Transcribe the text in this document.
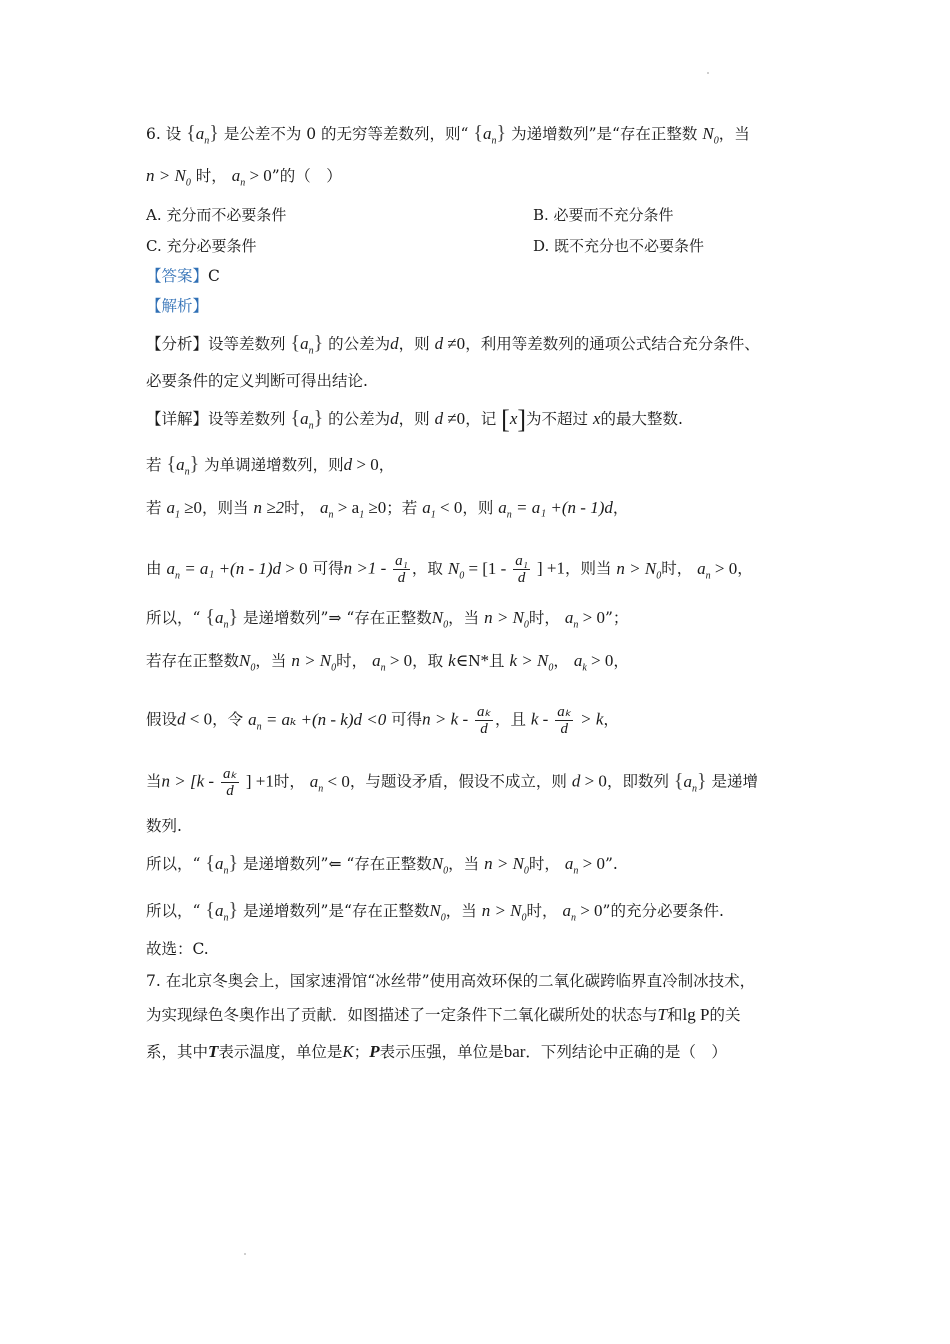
6. 设 $\{a_n\}$ 是公差不为 0 的无穷等差数列，则“ $\{a_n\}$ 为递增数列”是“存在正整数 $N_0$，当
$n > N_0$ 时， $a_n > 0$”的（　）
A. 充分而不必要条件	B. 必要而不充分条件
C. 充分必要条件	D. 既不充分也不必要条件
【答案】C
【解析】
【分析】设等差数列 $\{a_n\}$ 的公差为d，则 d ≠0，利用等差数列的通项公式结合充分条件、
必要条件的定义判断可得出结论.
【详解】设等差数列 $\{a_n\}$ 的公差为d，则 d ≠0，记 [x]为不超过 x的最大整数.
若 $\{a_n\}$ 为单调递增数列，则d > 0，
若 $a_1 \ge 0$，则当 n ≥2时， $a_n > a_1 \ge 0$；若 $a_1 < 0$，则 $a_n = a_1 +(n - 1)d$，
由 $a_n = a_1 +(n - 1)d > 0$ 可得$n >1 - \frac{\text{a₁}}{d}$ ，取 $N_0 = [1 - \frac{\text{a₁}}{d}$ ] +1，则当 $n > N_0$时， $a_n > 0$，
所以，“ $\{a_n\}$ 是递增数列”⇒ “存在正整数$N_0$，当 $n > N_0$时， $a_n > 0$”；
若存在正整数$N_0$，当 $n > N_0$时， $a_n > 0$，取 k∈N*且 $k > N_0$， $a_k > 0$，
假设d < 0，令 $a_n = a_k +(n - k)d <0$ 可得$n > k - \frac{\text{aₖ}}{d}$ ，且 $k - \frac{\text{aₖ}}{d} > k$，
当$n > [k - \frac{\text{aₖ}}{d}$ ] +1时， $a_n < 0$，与题设矛盾，假设不成立，则 d > 0，即数列 $\{a_n\}$ 是递增
数列.
所以，“ $\{a_n\}$ 是递增数列”⇐ “存在正整数$N_0$，当 $n > N_0$时， $a_n > 0$”.
所以，“ $\{a_n\}$ 是递增数列”是“存在正整数$N_0$，当 $n > N_0$时， $a_n > 0$”的充分必要条件.
故选：C.
7. 在北京冬奥会上，国家速滑馆“冰丝带”使用高效环保的二氧化碳跨临界直冷制冰技术，
为实现绿色冬奥作出了贡献．如图描述了一定条件下二氧化碳所处的状态与T和lg P的关
系，其中T表示温度，单位是K；P表示压强，单位是bar．下列结论中正确的是（　）
